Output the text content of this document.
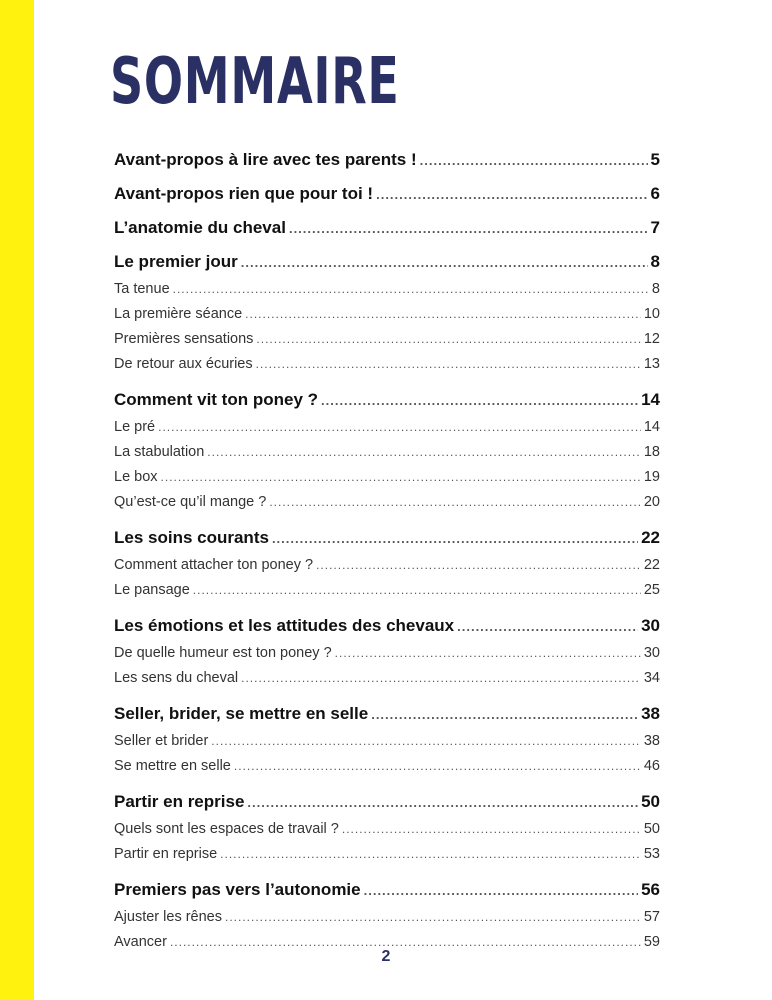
SOMMAIRE
Avant-propos à lire avec tes parents ! .....	5
Avant-propos rien que pour toi ! .....	6
L’anatomie du cheval .....	7
Le premier jour .....	8
Ta tenue .....	8
La première séance .....	10
Premières sensations .....	12
De retour aux écuries .....	13
Comment vit ton poney ? .....	14
Le pré .....	14
La stabulation .....	18
Le box .....	19
Qu’est-ce qu’il mange ? .....	20
Les soins courants .....	22
Comment attacher ton poney ? .....	22
Le pansage .....	25
Les émotions et les attitudes des chevaux .....	30
De quelle humeur est ton poney ? .....	30
Les sens du cheval .....	34
Seller, brider, se mettre en selle .....	38
Seller et brider .....	38
Se mettre en selle .....	46
Partir en reprise .....	50
Quels sont les espaces de travail ? .....	50
Partir en reprise .....	53
Premiers pas vers l’autonomie .....	56
Ajuster les rênes .....	57
Avancer .....	59
2
